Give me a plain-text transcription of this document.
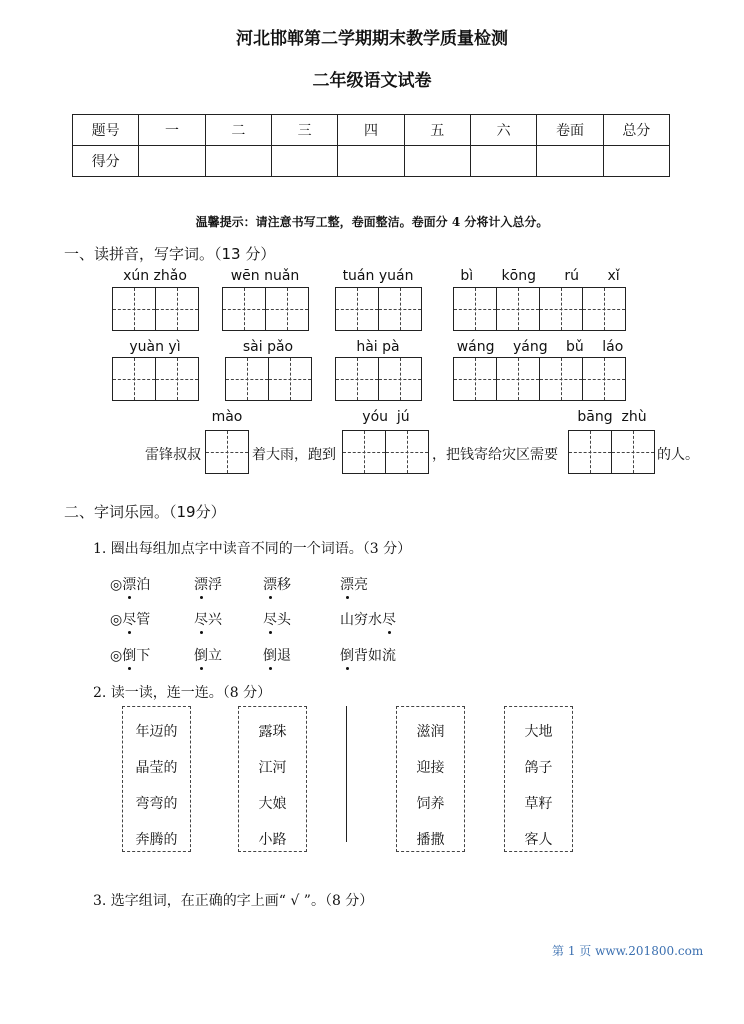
河北邯郸第二学期期末教学质量检测
二年级语文试卷
题号	一	二	三	四	五	六	卷面	总分
得分								
温馨提示：请注意书写工整，卷面整洁。卷面分 4 分将计入总分。
一、读拼音，写字词。（13 分）
xún zhǎo	wēn nuǎn	tuán yuán	bì kōng rú xǐ
yuàn yì	sài pǎo	hài pà	wáng yáng bǔ láo
mào	yóu  jú	bāng  zhù
雷锋叔叔	着大雨，跑到	，把钱寄给灾区需要	的人。
二、字词乐园。（19分）
1. 圈出每组加点字中读音不同的一个词语。（3 分）
◎漂泊	漂浮	漂移	漂亮
◎尽管	尽兴	尽头	山穷水尽
◎倒下	倒立	倒退	倒背如流
2. 读一读，连一连。（8 分）
年迈的
晶莹的
弯弯的
奔腾的
露珠
江河
大娘
小路
滋润
迎接
饲养
播撒
大地
鸽子
草籽
客人
3. 选字组词，在正确的字上画“ √ ”。（8 分）
第 1 页 www.201800.com
